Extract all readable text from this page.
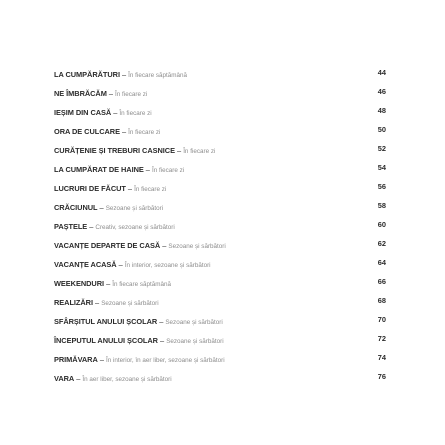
LA CUMPĂRĂTURI – În fiecare săptămână	44
NE ÎMBRĂCĂM – În fiecare zi	46
IEȘIM DIN CASĂ – În fiecare zi	48
ORA DE CULCARE – În fiecare zi	50
CURĂȚENIE ȘI TREBURI CASNICE – În fiecare zi	52
LA CUMPĂRAT DE HAINE – În fiecare zi	54
LUCRURI DE FĂCUT – În fiecare zi	56
CRĂCIUNUL – Sezoane și sărbători	58
PAȘTELE – Creativ, sezoane și sărbători	60
VACANȚE DEPARTE DE CASĂ – Sezoane și sărbători	62
VACANȚE ACASĂ – În interior, sezoane și sărbători	64
WEEKENDURI – În fiecare săptămână	66
REALIZĂRI – Sezoane și sărbători	68
SFÂRȘITUL ANULUI ȘCOLAR – Sezoane și sărbători	70
ÎNCEPUTUL ANULUI ȘCOLAR – Sezoane și sărbători	72
PRIMĂVARA – În interior, în aer liber, sezoane și sărbători	74
VARA – În aer liber, sezoane și sărbători	76
